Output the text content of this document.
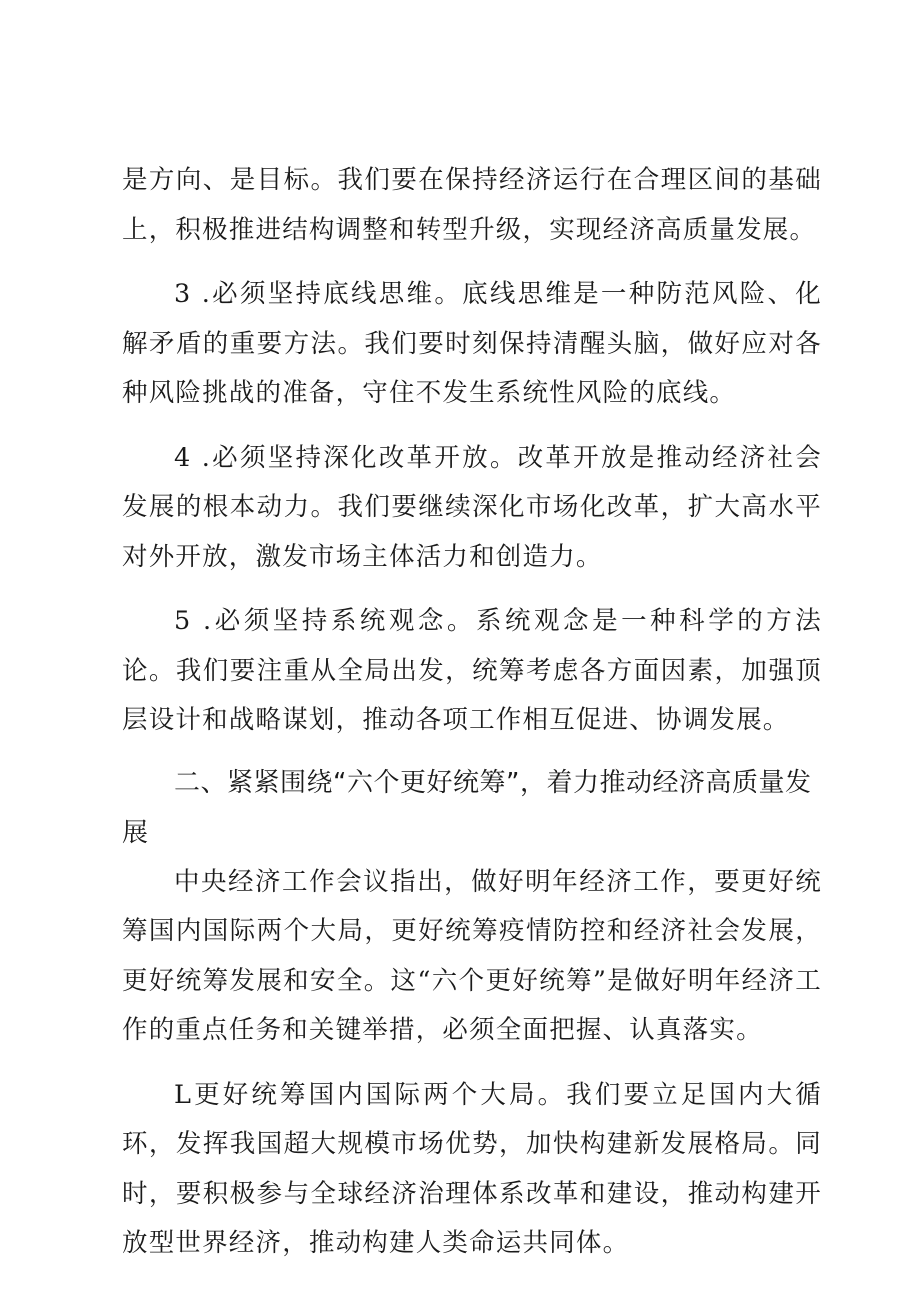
是方向、是目标。我们要在保持经济运行在合理区间的基础上，积极推进结构调整和转型升级，实现经济高质量发展。

3 .必须坚持底线思维。底线思维是一种防范风险、化解矛盾的重要方法。我们要时刻保持清醒头脑，做好应对各种风险挑战的准备，守住不发生系统性风险的底线。

4 .必须坚持深化改革开放。改革开放是推动经济社会发展的根本动力。我们要继续深化市场化改革，扩大高水平对外开放，激发市场主体活力和创造力。

5 .必须坚持系统观念。系统观念是一种科学的方法论。我们要注重从全局出发，统筹考虑各方面因素，加强顶层设计和战略谋划，推动各项工作相互促进、协调发展。

二、紧紧围绕“六个更好统筹”，着力推动经济高质量发展

中央经济工作会议指出，做好明年经济工作，要更好统筹国内国际两个大局，更好统筹疫情防控和经济社会发展，更好统筹发展和安全。这“六个更好统筹”是做好明年经济工作的重点任务和关键举措，必须全面把握、认真落实。

L更好统筹国内国际两个大局。我们要立足国内大循环，发挥我国超大规模市场优势，加快构建新发展格局。同时，要积极参与全球经济治理体系改革和建设，推动构建开放型世界经济，推动构建人类命运共同体。
